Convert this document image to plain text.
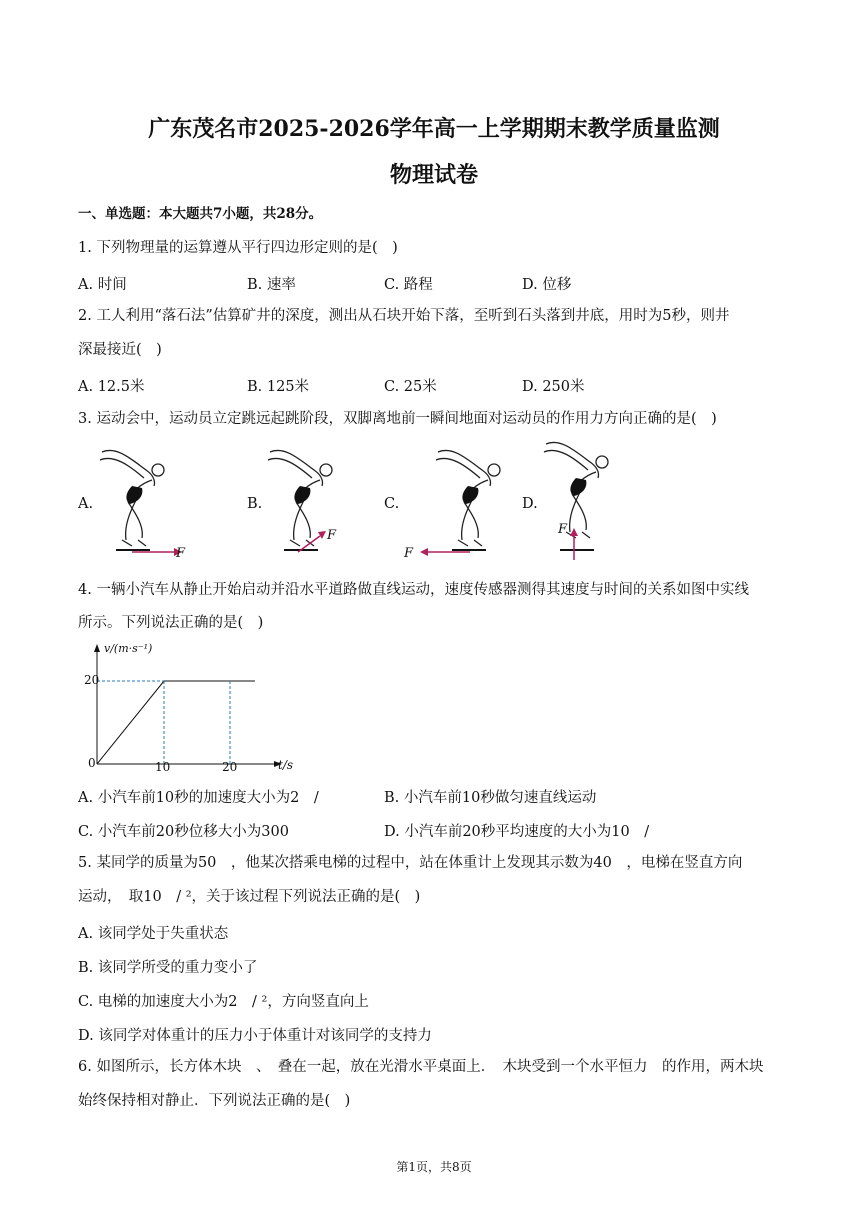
广东茂名市2025-2026学年高一上学期期末教学质量监测
物理试卷
一、单选题：本大题共7小题，共28分。
1. 下列物理量的运算遵从平行四边形定则的是(　)
A. 时间	B. 速率	C. 路程	D. 位移
2. 工人利用“落石法”估算矿井的深度，测出从石块开始下落，至听到石头落到井底，用时为5秒，则井
深最接近(　)
A. 12.5米	B. 125米	C. 25米	D. 250米
3. 运动会中，运动员立定跳远起跳阶段，双脚离地前一瞬间地面对运动员的作用力方向正确的是(　)
A.	B.	C.	D.
F
F
F
F
4. 一辆小汽车从静止开始启动并沿水平道路做直线运动，速度传感器测得其速度与时间的关系如图中实线
所示。下列说法正确的是(　)
v/(m·s⁻¹)
t/s
20
0	10	20
A. 小汽车前10秒的加速度大小为2　/	B. 小汽车前10秒做匀速直线运动
C. 小汽车前20秒位移大小为300	D. 小汽车前20秒平均速度的大小为10　/
5. 某同学的质量为50　，他某次搭乘电梯的过程中，站在体重计上发现其示数为40　，电梯在竖直方向
运动，　取10　/ ²，关于该过程下列说法正确的是(　)
A. 该同学处于失重状态
B. 该同学所受的重力变小了
C. 电梯的加速度大小为2　/ ²，方向竖直向上
D. 该同学对体重计的压力小于体重计对该同学的支持力
6. 如图所示，长方体木块　、　叠在一起，放在光滑水平桌面上．　木块受到一个水平恒力　的作用，两木块
始终保持相对静止．下列说法正确的是(　)
第1页，共8页
